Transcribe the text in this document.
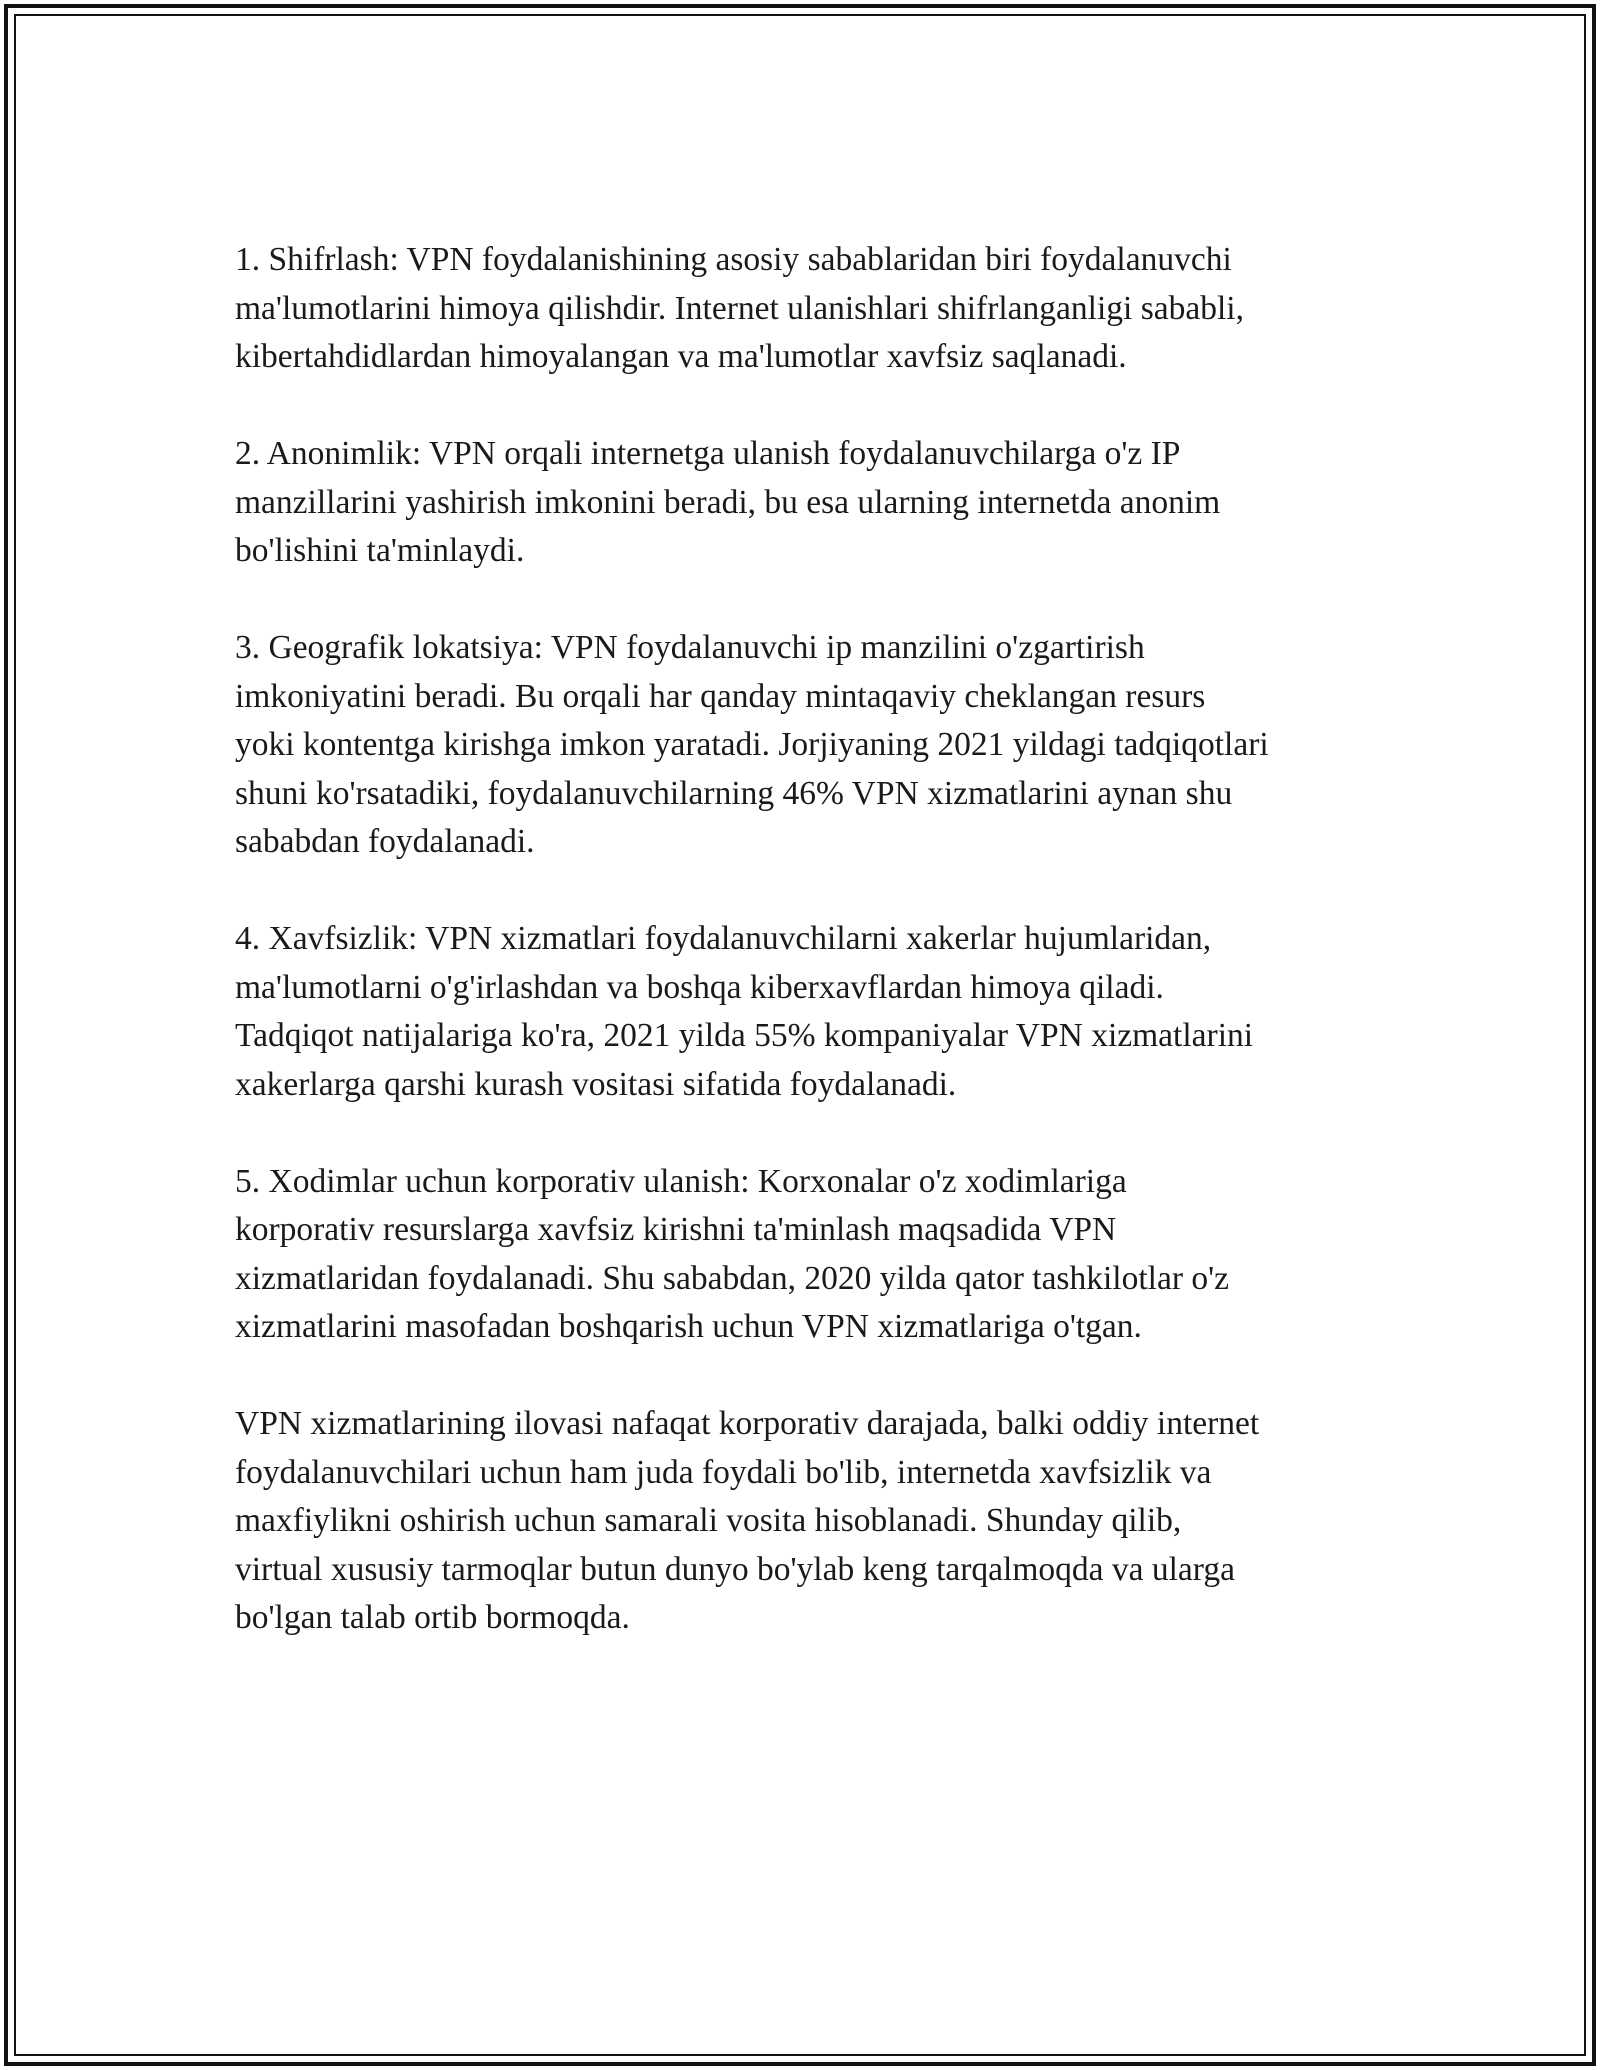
1. Shifrlash: VPN foydalanishining asosiy sabablaridan biri foydalanuvchi
ma'lumotlarini himoya qilishdir. Internet ulanishlari shifrlanganligi sababli,
kibertahdidlardan himoyalangan va ma'lumotlar xavfsiz saqlanadi.

2. Anonimlik: VPN orqali internetga ulanish foydalanuvchilarga o'z IP
manzillarini yashirish imkonini beradi, bu esa ularning internetda anonim
bo'lishini ta'minlaydi.

3. Geografik lokatsiya: VPN foydalanuvchi ip manzilini o'zgartirish
imkoniyatini beradi. Bu orqali har qanday mintaqaviy cheklangan resurs
yoki kontentga kirishga imkon yaratadi. Jorjiyaning 2021 yildagi tadqiqotlari
shuni ko'rsatadiki, foydalanuvchilarning 46% VPN xizmatlarini aynan shu
sababdan foydalanadi.

4. Xavfsizlik: VPN xizmatlari foydalanuvchilarni xakerlar hujumlaridan,
ma'lumotlarni o'g'irlashdan va boshqa kiberxavflardan himoya qiladi.
Tadqiqot natijalariga ko'ra, 2021 yilda 55% kompaniyalar VPN xizmatlarini
xakerlarga qarshi kurash vositasi sifatida foydalanadi.

5. Xodimlar uchun korporativ ulanish: Korxonalar o'z xodimlariga
korporativ resurslarga xavfsiz kirishni ta'minlash maqsadida VPN
xizmatlaridan foydalanadi. Shu sababdan, 2020 yilda qator tashkilotlar o'z
xizmatlarini masofadan boshqarish uchun VPN xizmatlariga o'tgan.

VPN xizmatlarining ilovasi nafaqat korporativ darajada, balki oddiy internet
foydalanuvchilari uchun ham juda foydali bo'lib, internetda xavfsizlik va
maxfiylikni oshirish uchun samarali vosita hisoblanadi. Shunday qilib,
virtual xususiy tarmoqlar butun dunyo bo'ylab keng tarqalmoqda va ularga
bo'lgan talab ortib bormoqda.
